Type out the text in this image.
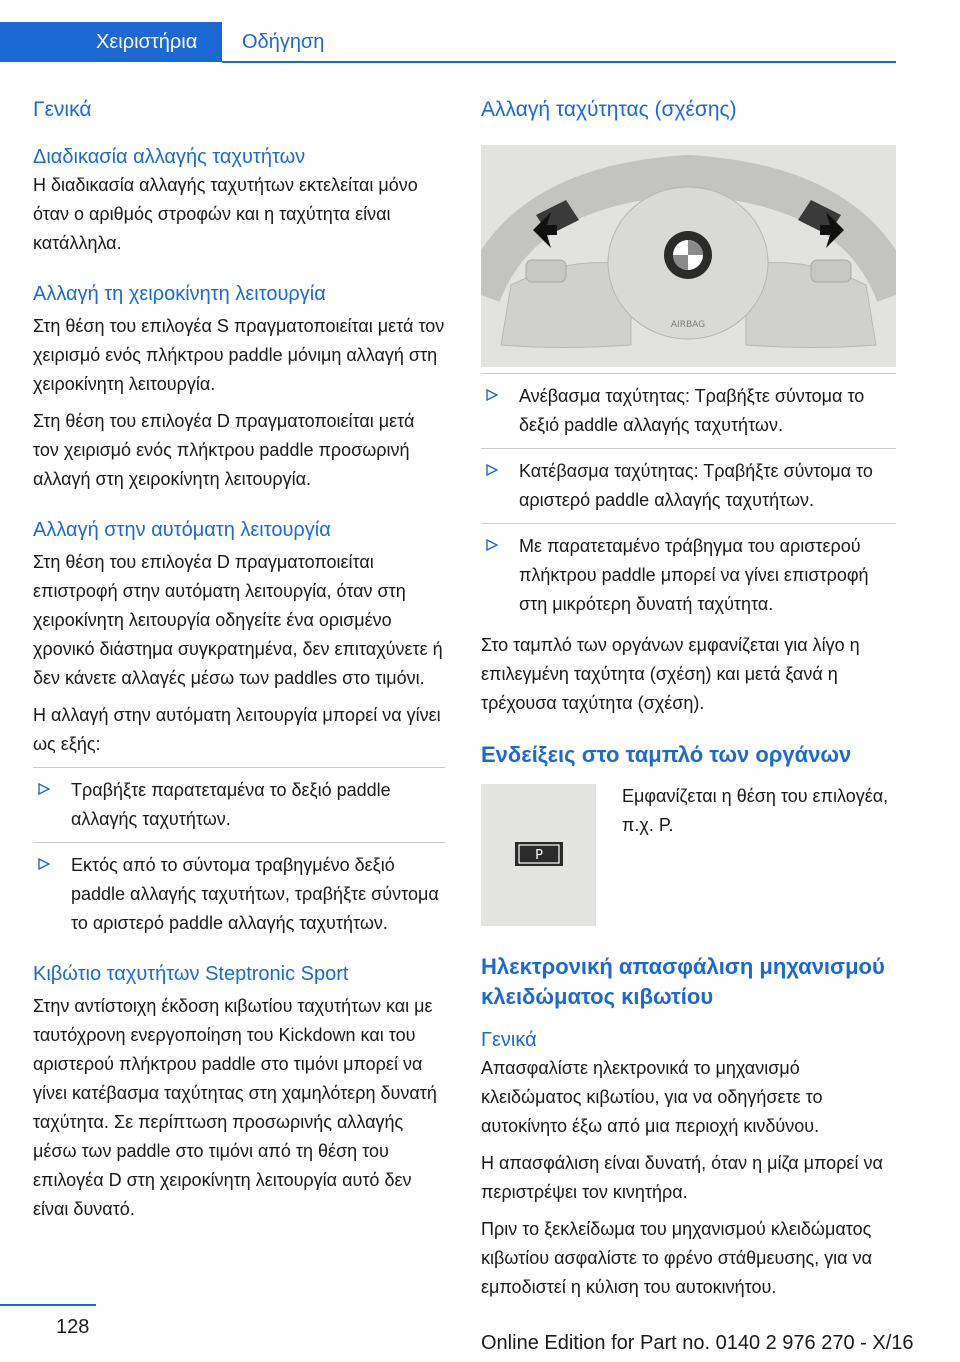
Χειριστήρια	Οδήγηση
Γενικά
Διαδικασία αλλαγής ταχυτήτων

Η διαδικασία αλλαγής ταχυτήτων εκτελείται μόνο όταν ο αριθμός στροφών και η ταχύτητα είναι κατάλληλα.

Αλλαγή τη χειροκίνητη λειτουργία

Στη θέση του επιλογέα S πραγματοποιείται μετά τον χειρισμό ενός πλήκτρου paddle μόνιμη αλλαγή στη χειροκίνητη λειτουργία.

Στη θέση του επιλογέα D πραγματοποιείται μετά τον χειρισμό ενός πλήκτρου paddle προσωρινή αλλαγή στη χειροκίνητη λειτουργία.

Αλλαγή στην αυτόματη λειτουργία

Στη θέση του επιλογέα D πραγματοποιείται επιστροφή στην αυτόματη λειτουργία, όταν στη χειροκίνητη λειτουργία οδηγείτε ένα ορισμένο χρονικό διάστημα συγκρατημένα, δεν επιταχύνετε ή δεν κάνετε αλλαγές μέσω των paddles στο τιμόνι.

Η αλλαγή στην αυτόματη λειτουργία μπορεί να γίνει ως εξής:

Τραβήξτε παρατεταμένα το δεξιό paddle αλλαγής ταχυτήτων.
Εκτός από το σύντομα τραβηγμένο δεξιό paddle αλλαγής ταχυτήτων, τραβήξτε σύντομα το αριστερό paddle αλλαγής ταχυτήτων.
Κιβώτιο ταχυτήτων Steptronic Sport

Στην αντίστοιχη έκδοση κιβωτίου ταχυτήτων και με ταυτόχρονη ενεργοποίηση του Kickdown και του αριστερού πλήκτρου paddle στο τιμόνι μπορεί να γίνει κατέβασμα ταχύτητας στη χαμηλότερη δυνατή ταχύτητα. Σε περίπτωση προσωρινής αλλαγής μέσω των paddle στο τιμόνι από τη θέση του επιλογέα D στη χειροκίνητη λειτουργία αυτό δεν είναι δυνατό.

Αλλαγή ταχύτητας (σχέσης)
AIRBAG
Ανέβασμα ταχύτητας: Τραβήξτε σύντομα το δεξιό paddle αλλαγής ταχυτήτων.
Κατέβασμα ταχύτητας: Τραβήξτε σύντομα το αριστερό paddle αλλαγής ταχυτήτων.
Με παρατεταμένο τράβηγμα του αριστερού πλήκτρου paddle μπορεί να γίνει επιστροφή στη μικρότερη δυνατή ταχύτητα.

Στο ταμπλό των οργάνων εμφανίζεται για λίγο η επιλεγμένη ταχύτητα (σχέση) και μετά ξανά η τρέχουσα ταχύτητα (σχέση).

Ενδείξεις στο ταμπλό των οργάνων
P

Εμφανίζεται η θέση του επιλογέα, π.χ. P.

Ηλεκτρονική απασφάλιση μηχανισμού κλειδώματος κιβωτίου
Γενικά

Απασφαλίστε ηλεκτρονικά το μηχανισμό κλειδώματος κιβωτίου, για να οδηγήσετε το αυτοκίνητο έξω από μια περιοχή κινδύνου.

Η απασφάλιση είναι δυνατή, όταν η μίζα μπορεί να περιστρέψει τον κινητήρα.

Πριν το ξεκλείδωμα του μηχανισμού κλειδώματος κιβωτίου ασφαλίστε το φρένο στάθμευσης, για να εμποδιστεί η κύλιση του αυτοκινήτου.

128
Online Edition for Part no. 0140 2 976 270 - X/16
